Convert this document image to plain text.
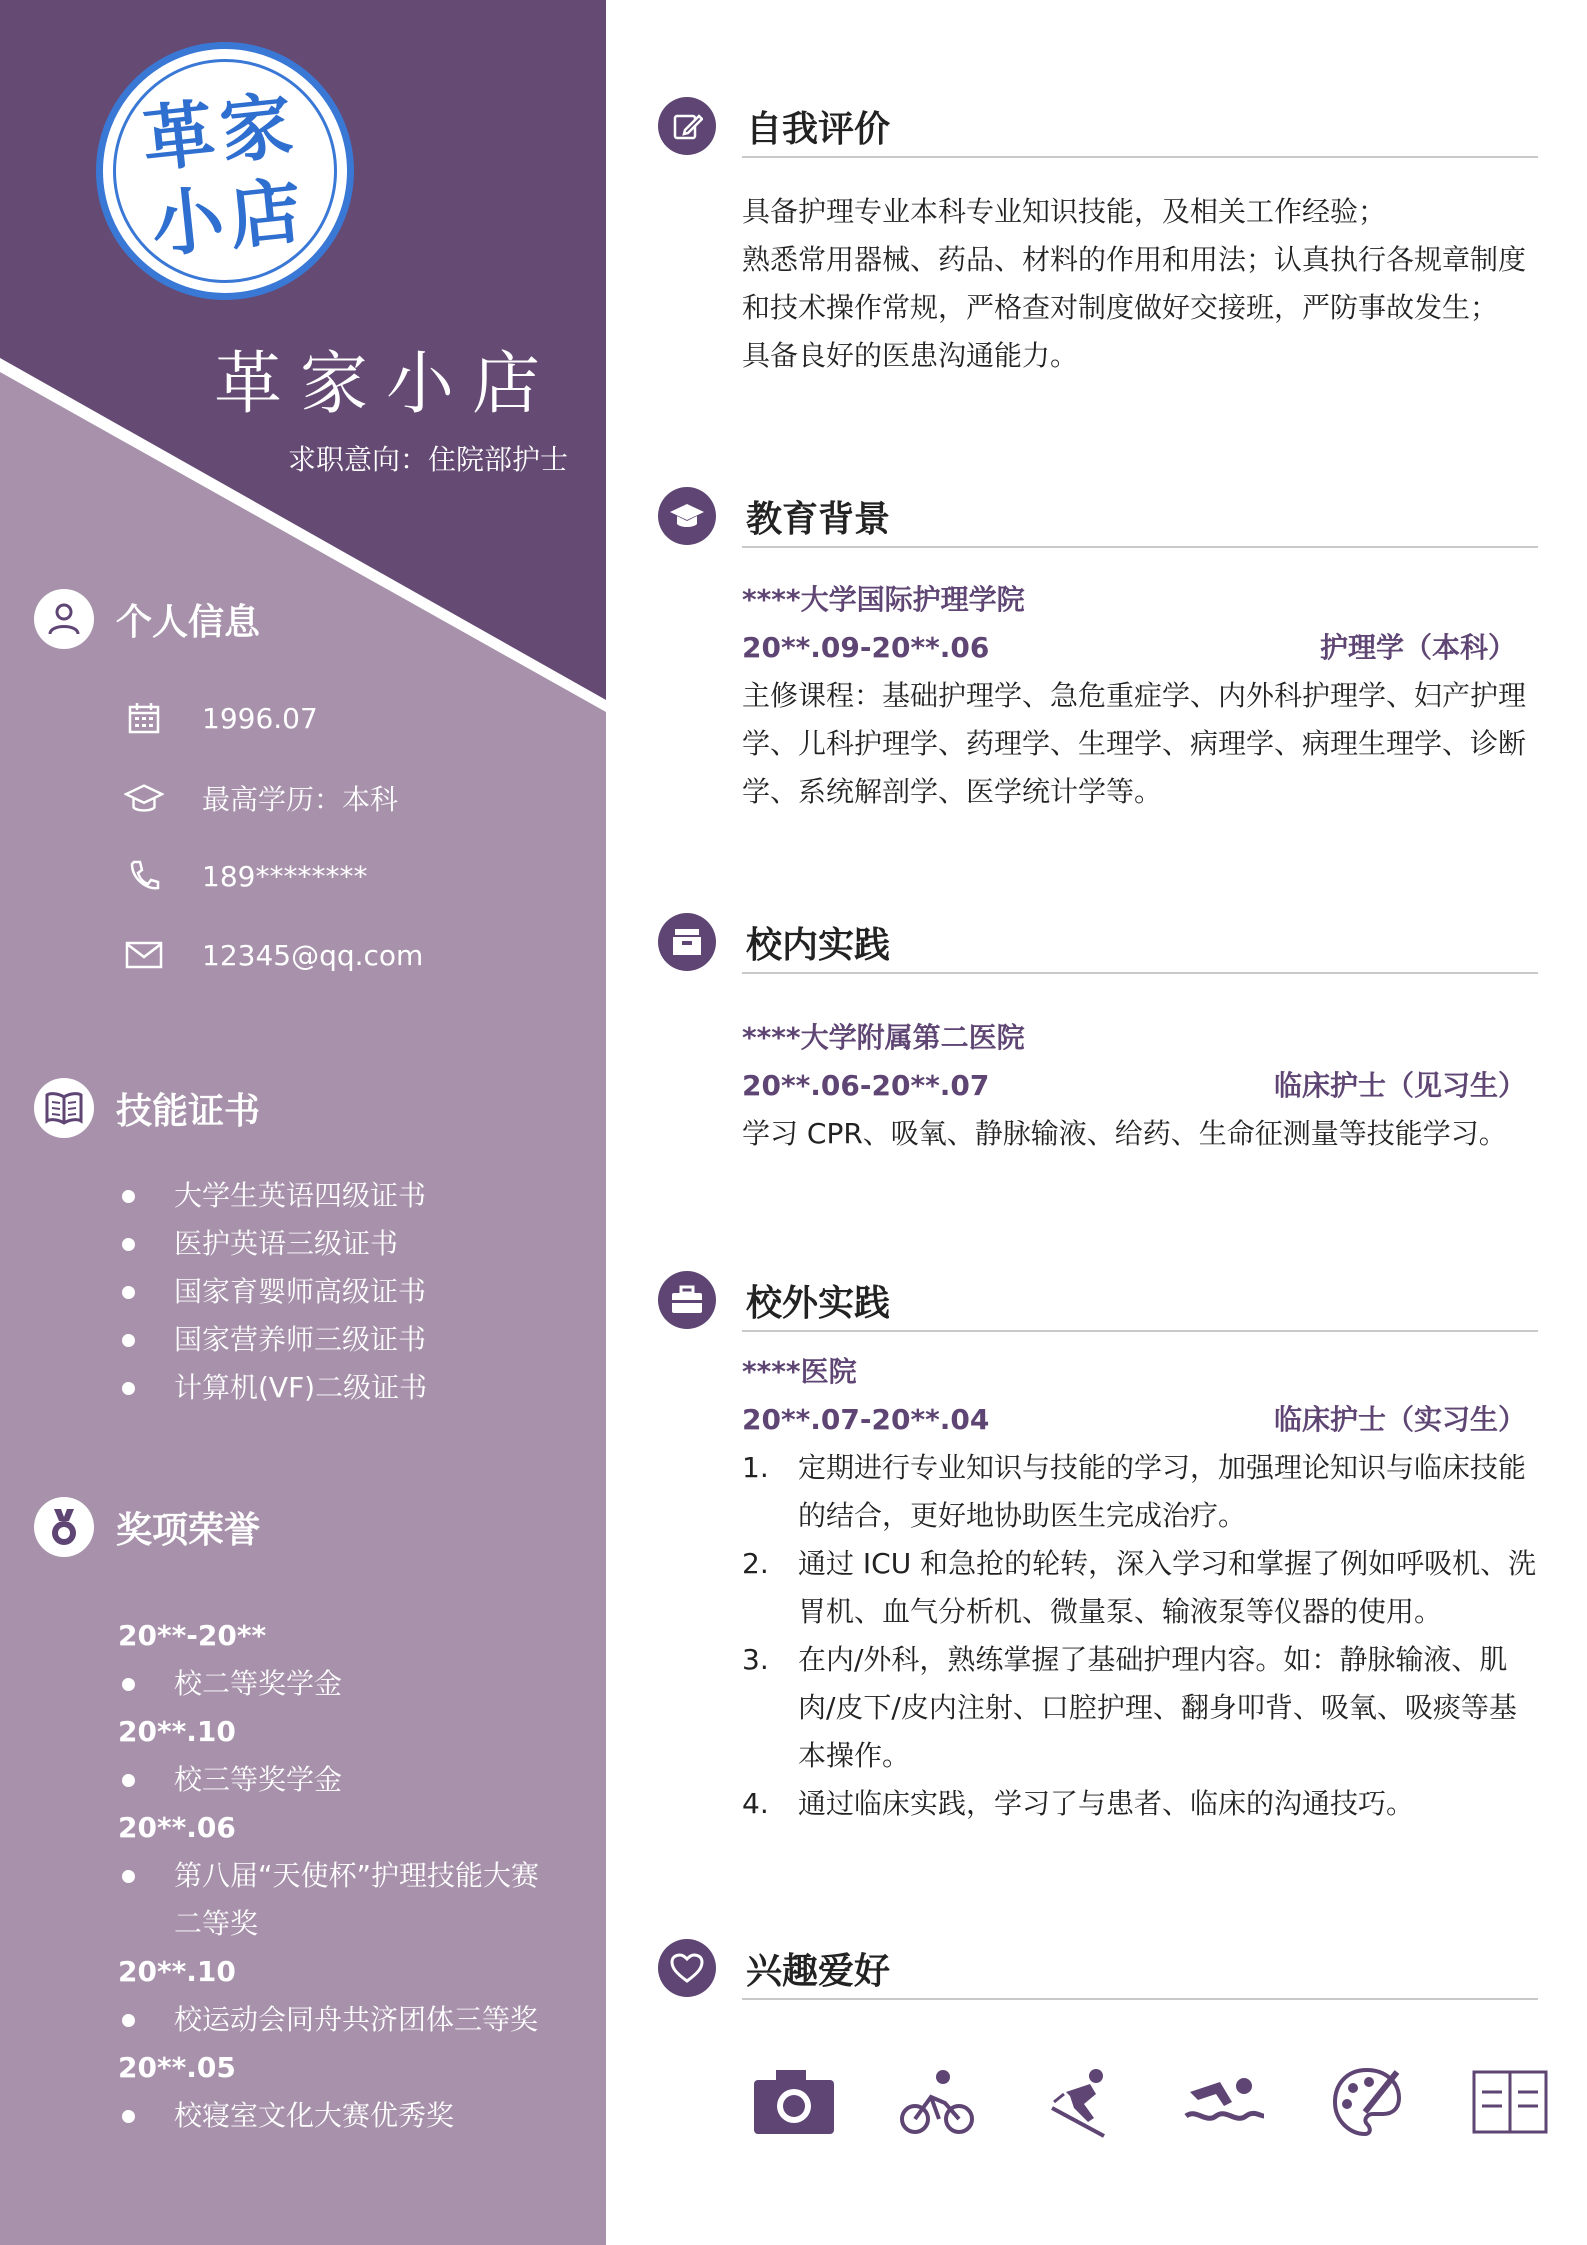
革家
小店
革家小店
求职意向：住院部护士
个人信息
1996.07
最高学历：本科
189********
12345@qq.com
技能证书
大学生英语四级证书
医护英语三级证书
国家育婴师高级证书
国家营养师三级证书
计算机(VF)二级证书
奖项荣誉
20**-20**
校二等奖学金
20**.10
校三等奖学金
20**.06
第八届“天使杯”护理技能大赛二等奖
20**.10
校运动会同舟共济团体三等奖
20**.05
校寝室文化大赛优秀奖
自我评价
具备护理专业本科专业知识技能，及相关工作经验；
熟悉常用器械、药品、材料的作用和用法；认真执行各规章制度和技术操作常规，严格查对制度做好交接班，严防事故发生；
具备良好的医患沟通能力。
教育背景
****大学国际护理学院
20**.09-20**.06	护理学（本科）
主修课程：基础护理学、急危重症学、内外科护理学、妇产护理学、儿科护理学、药理学、生理学、病理学、病理生理学、诊断学、系统解剖学、医学统计学等。
校内实践
****大学附属第二医院
20**.06-20**.07	临床护士（见习生）
学习 CPR、吸氧、静脉输液、给药、生命征测量等技能学习。
校外实践
****医院
20**.07-20**.04	临床护士（实习生）
1.	定期进行专业知识与技能的学习，加强理论知识与临床技能的结合，更好地协助医生完成治疗。
2.	通过 ICU 和急抢的轮转，深入学习和掌握了例如呼吸机、洗胃机、血气分析机、微量泵、输液泵等仪器的使用。
3.	在内/外科，熟练掌握了基础护理内容。如：静脉输液、肌肉/皮下/皮内注射、口腔护理、翻身叩背、吸氧、吸痰等基本操作。
4.	通过临床实践，学习了与患者、临床的沟通技巧。
兴趣爱好
